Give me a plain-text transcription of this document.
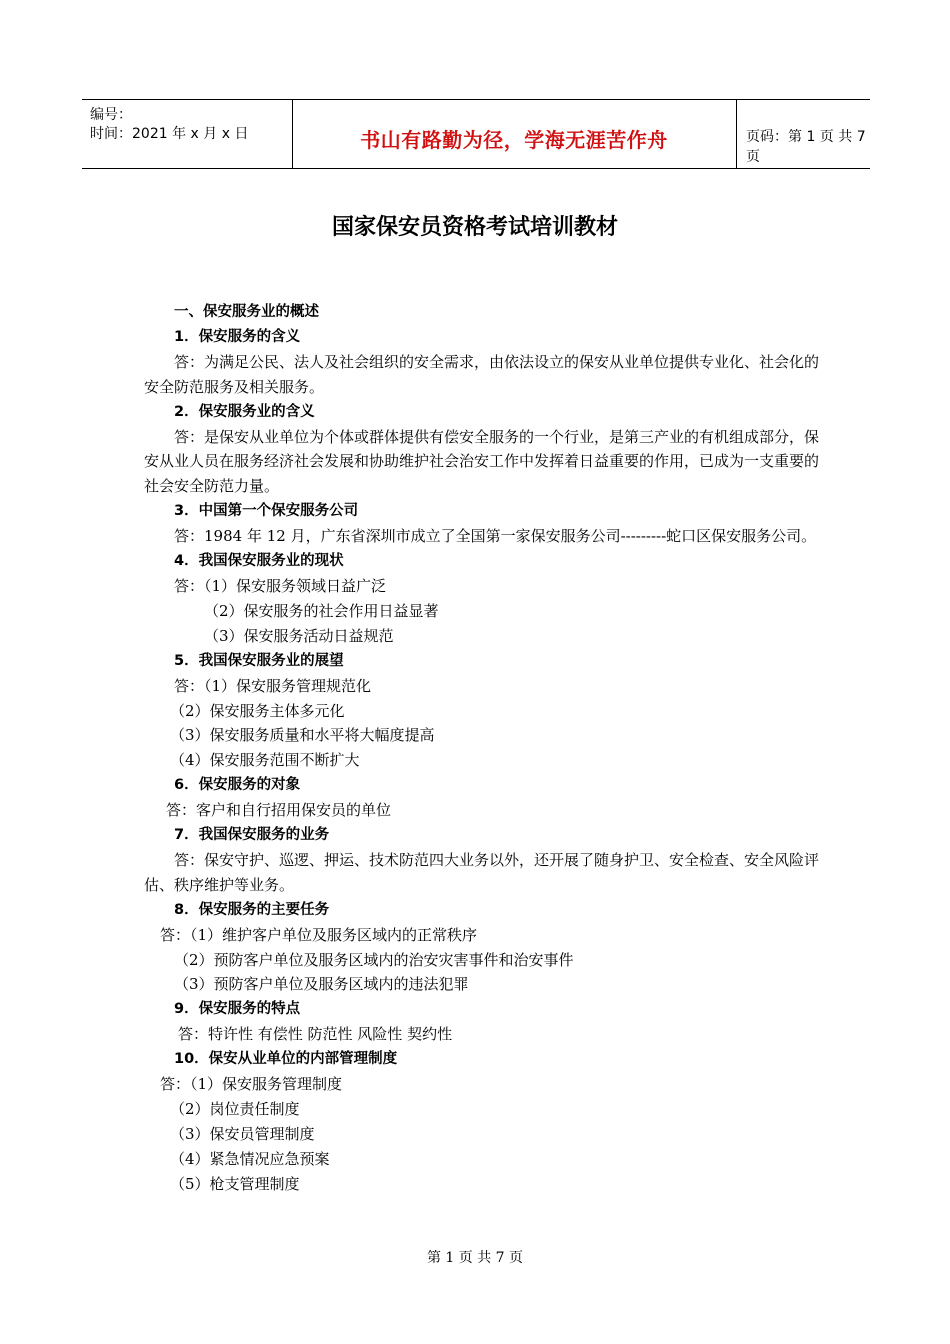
编号：
时间：2021 年 x 月 x 日	书山有路勤为径，学海无涯苦作舟	页码：第 1 页 共 7 页
国家保安员资格考试培训教材

一、保安服务业的概述

1．保安服务的含义

答：为满足公民、法人及社会组织的安全需求，由依法设立的保安从业单位提供专业化、社会化的安全防范服务及相关服务。

2．保安服务业的含义

答：是保安从业单位为个体或群体提供有偿安全服务的一个行业，是第三产业的有机组成部分，保安从业人员在服务经济社会发展和协助维护社会治安工作中发挥着日益重要的作用，已成为一支重要的社会安全防范力量。

3．中国第一个保安服务公司

答：1984 年 12 月，广东省深圳市成立了全国第一家保安服务公司---------蛇口区保安服务公司。

4．我国保安服务业的现状

答：（1）保安服务领域日益广泛

（2）保安服务的社会作用日益显著

（3）保安服务活动日益规范

5．我国保安服务业的展望

答：（1）保安服务管理规范化

（2）保安服务主体多元化

（3）保安服务质量和水平将大幅度提高

（4）保安服务范围不断扩大

6．保安服务的对象

答：客户和自行招用保安员的单位

7．我国保安服务的业务

答：保安守护、巡逻、押运、技术防范四大业务以外，还开展了随身护卫、安全检查、安全风险评估、秩序维护等业务。

8．保安服务的主要任务

答：（1）维护客户单位及服务区域内的正常秩序

（2）预防客户单位及服务区域内的治安灾害事件和治安事件

（3）预防客户单位及服务区域内的违法犯罪

9．保安服务的特点

答：特许性 有偿性 防范性 风险性 契约性

10．保安从业单位的内部管理制度

答：（1）保安服务管理制度

（2）岗位责任制度

（3）保安员管理制度

（4）紧急情况应急预案

（5）枪支管理制度

第 1 页 共 7 页
